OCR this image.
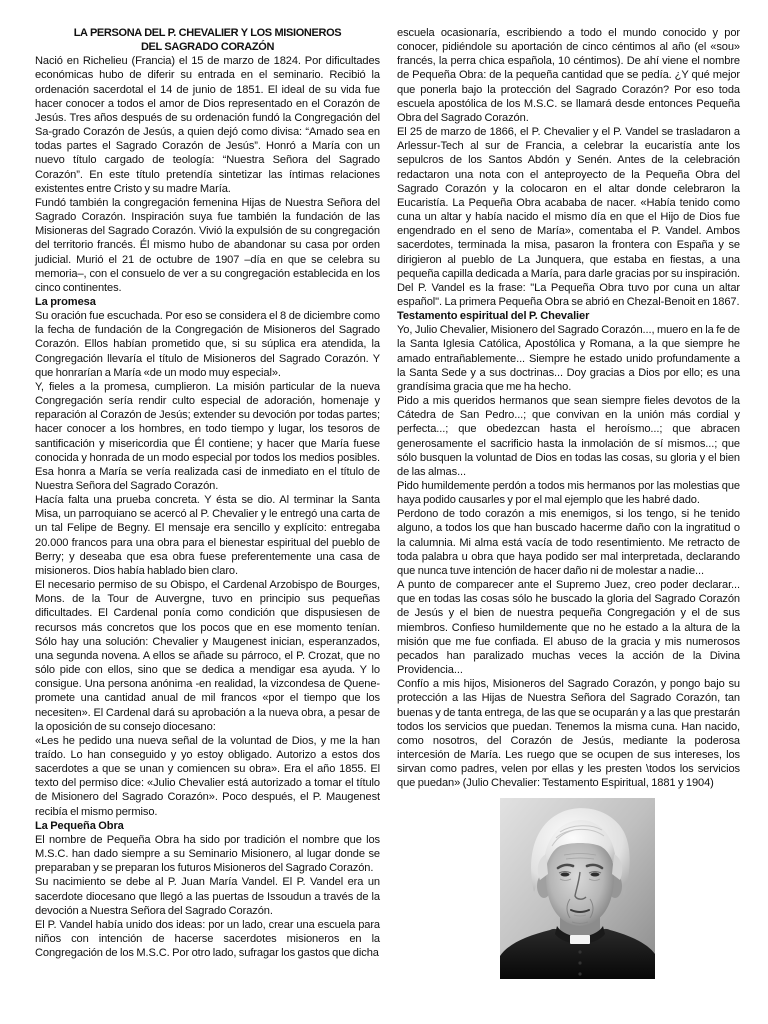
LA PERSONA DEL P. CHEVALIER Y LOS MISIONEROS
DEL SAGRADO CORAZÓN

Nació en Richelieu (Francia) el 15 de marzo de 1824. Por dificultades económicas hubo de diferir su entrada en el seminario. Recibió la ordenación sacerdotal el 14 de junio de 1851. El ideal de su vida fue hacer conocer a todos el amor de Dios representado en el Corazón de Jesús. Tres años después de su ordenación fundó la Congregación del Sa-grado Corazón de Jesús, a quien dejó como divisa: “Amado sea en todas partes el Sagrado Corazón de Jesús”. Honró a María con un nuevo título cargado de teología: “Nuestra Señora del Sagrado Corazón”. En este título pretendía sintetizar las íntimas relaciones existentes entre Cristo y su madre María.

Fundó también la congregación femenina Hijas de Nuestra Señora del Sagrado Corazón. Inspiración suya fue también la fundación de las Misioneras del Sagrado Corazón. Vivió la expulsión de su congregación del territorio francés. Él mismo hubo de abandonar su casa por orden judicial. Murió el 21 de octubre de 1907 –día en que se celebra su memoria–, con el consuelo de ver a su congregación establecida en los cinco continentes.

La promesa

Su oración fue escuchada. Por eso se considera el 8 de diciembre como la fecha de fundación de la Congregación de Misioneros del Sagrado Corazón. Ellos habían prometido que, si su súplica era atendida, la Congregación llevaría el título de Misioneros del Sagrado Corazón. Y que honrarían a María «de un modo muy especial».

Y, fieles a la promesa, cumplieron. La misión particular de la nueva Congregación sería rendir culto especial de adoración, homenaje y reparación al Corazón de Jesús; extender su devoción por todas partes; hacer conocer a los hombres, en todo tiempo y lugar, los tesoros de santificación y misericordia que Él contiene; y hacer que María fuese conocida y honrada de un modo especial por todos los medios posibles. Esa honra a María se vería realizada casi de inmediato en el título de Nuestra Señora del Sagrado Corazón.

Hacía falta una prueba concreta. Y ésta se dio. Al terminar la Santa Misa, un parroquiano se acercó al P. Chevalier y le entregó una carta de un tal Felipe de Begny. El mensaje era sencillo y explícito: entregaba 20.000 francos para una obra para el bienestar espiritual del pueblo de Berry; y deseaba que esa obra fuese preferentemente una casa de misioneros. Dios había hablado bien claro.

El necesario permiso de su Obispo, el Cardenal Arzobispo de Bourges, Mons. de la Tour de Auvergne, tuvo en principio sus pequeñas dificultades. El Cardenal ponía como condición que dispusiesen de recursos más concretos que los pocos que en ese momento tenían. Sólo hay una solución: Chevalier y Maugenest inician, esperanzados, una segunda novena. A ellos se añade su párroco, el P. Crozat, que no sólo pide con ellos, sino que se dedica a mendigar esa ayuda. Y lo consigue. Una persona anónima -en realidad, la vizcondesa de Quene- promete una cantidad anual de mil francos «por el tiempo que los necesiten». El Cardenal dará su aprobación a la nueva obra, a pesar de la oposición de su consejo diocesano:

«Les he pedido una nueva señal de la voluntad de Dios, y me la han traído. Lo han conseguido y yo estoy obligado. Autorizo a estos dos sacerdotes a que se unan y comiencen su obra». Era el año 1855. El texto del permiso dice: «Julio Chevalier está autorizado a tomar el título de Misionero del Sagrado Corazón». Poco después, el P. Maugenest recibía el mismo permiso.

La Pequeña Obra

El nombre de Pequeña Obra ha sido por tradición el nombre que los M.S.C. han dado siempre a su Seminario Misionero, al lugar donde se preparaban y se preparan los futuros Misioneros del Sagrado Corazón.

Su nacimiento se debe al P. Juan María Vandel. El P. Vandel era un sacerdote diocesano que llegó a las puertas de Issoudun a través de la devoción a Nuestra Señora del Sagrado Corazón.

El P. Vandel había unido dos ideas: por un lado, crear una escuela para niños con intención de hacerse sacerdotes misioneros en la Congregación de los M.S.C. Por otro lado, sufragar los gastos que dicha

escuela ocasionaría, escribiendo a todo el mundo conocido y por conocer, pidiéndole su aportación de cinco céntimos al año (el «sou» francés, la perra chica española, 10 céntimos). De ahí viene el nombre de Pequeña Obra: de la pequeña cantidad que se pedía. ¿Y qué mejor que ponerla bajo la protección del Sagrado Corazón? Por eso toda escuela apostólica de los M.S.C. se llamará desde entonces Pequeña Obra del Sagrado Corazón.

El 25 de marzo de 1866, el P. Chevalier y el P. Vandel se trasladaron a Arlessur-Tech al sur de Francia, a celebrar la eucaristía ante los sepulcros de los Santos Abdón y Senén. Antes de la celebración redactaron una nota con el anteproyecto de la Pequeña Obra del Sagrado Corazón y la colocaron en el altar donde celebraron la Eucaristía. La Pequeña Obra acababa de nacer. «Había tenido como cuna un altar y había nacido el mismo día en que el Hijo de Dios fue engendrado en el seno de María», comentaba el P. Vandel. Ambos sacerdotes, terminada la misa, pasaron la frontera con España y se dirigieron al pueblo de La Junquera, que estaba en fiestas, a una pequeña capilla dedicada a María, para darle gracias por su inspiración. Del P. Vandel es la frase: "La Pequeña Obra tuvo por cuna un altar español". La primera Pequeña Obra se abrió en Chezal-Benoit en 1867.

Testamento espiritual del P. Chevalier

Yo, Julio Chevalier, Misionero del Sagrado Corazón..., muero en la fe de la Santa Iglesia Católica, Apostólica y Romana, a la que siempre he amado entrañablemente... Siempre he estado unido profundamente a la Santa Sede y a sus doctrinas... Doy gracias a Dios por ello; es una grandísima gracia que me ha hecho.

Pido a mis queridos hermanos que sean siempre fieles devotos de la Cátedra de San Pedro...; que convivan en la unión más cordial y perfecta...; que obedezcan hasta el heroísmo...; que abracen generosamente el sacrificio hasta la inmolación de sí mismos...; que sólo busquen la voluntad de Dios en todas las cosas, su gloria y el bien de las almas...

Pido humildemente perdón a todos mis hermanos por las molestias que haya podido causarles y por el mal ejemplo que les habré dado.

Perdono de todo corazón a mis enemigos, si los tengo, si he tenido alguno, a todos los que han buscado hacerme daño con la ingratitud o la calumnia. Mi alma está vacía de todo resentimiento. Me retracto de toda palabra u obra que haya podido ser mal interpretada, declarando que nunca tuve intención de hacer daño ni de molestar a nadie...

A punto de comparecer ante el Supremo Juez, creo poder declarar... que en todas las cosas sólo he buscado la gloria del Sagrado Corazón de Jesús y el bien de nuestra pequeña Congregación y el de sus miembros. Confieso humildemente que no he estado a la altura de la misión que me fue confiada. El abuso de la gracia y mis numerosos pecados han paralizado muchas veces la acción de la Divina Providencia...

Confío a mis hijos, Misioneros del Sagrado Corazón, y pongo bajo su protección a las Hijas de Nuestra Señora del Sagrado Corazón, tan buenas y de tanta entrega, de las que se ocuparán y a las que prestarán todos los servicios que puedan. Tenemos la misma cuna. Han nacido, como nosotros, del Corazón de Jesús, mediante la poderosa intercesión de María. Les ruego que se ocupen de sus intereses, los sirvan como padres, velen por ellas y les presten \todos los servicios que puedan» (Julio Chevalier: Testamento Espiritual, 1881 y 1904)
